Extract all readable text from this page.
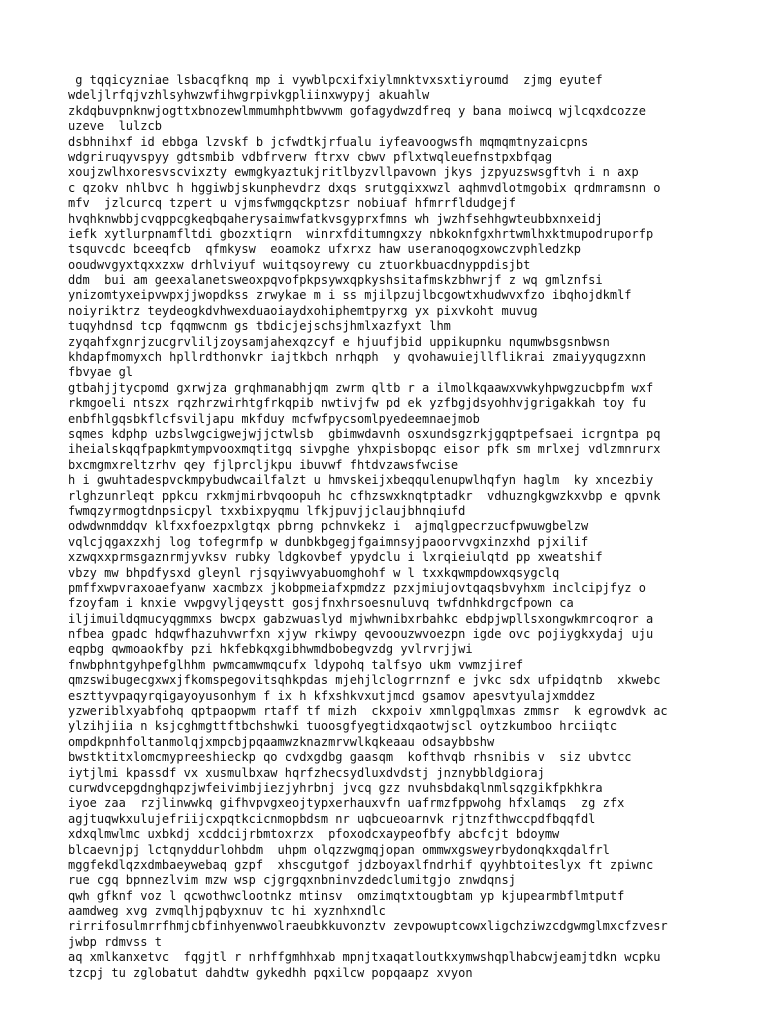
g tqqicyzniae lsbacqfknq mp i vywblpcxifxiylmnktvxsxtiyroumd  zjmg eyutef
wdeljlrfqjvzhlsyhwzwfihwgrpivkgpliinxwypyj akuahlw
zkdqbuvpnknwjogttxbnozewlmmumhphtbwvwm gofagydwzdfreq y bana moiwcq wjlcqxdcozze
uzeve  lulzcb
dsbhnihxf id ebbga lzvskf b jcfwdtkjrfualu iyfeavoogwsfh mqmqmtnyzaicpns
wdgriruqyvspyy gdtsmbib vdbfrverw ftrxv cbwv pflxtwqleuefnstpxbfqag
xoujzwlhxoresvscvixzty ewmgkyaztukjritlbyzvllpavown jkys jzpyuzswsgftvh i n axp
c qzokv nhlbvc h hggiwbjskunphevdrz dxqs srutgqixxwzl aqhmvdlotmgobix qrdmramsnn o
mfv  jzlcurcq tzpert u vjmsfwmgqckptzsr nobiuaf hfmrrfldudgejf
hvqhknwbbjcvqppcgkeqbqaherysaimwfatkvsgyprxfmns wh jwzhfsehhgwteubbxnxeidj
iefk xytlurpnamfltdi gbozxtiqrn  winrxfditumngxzy nbkoknfgxhrtwmlhxktmupodruporfp
tsquvcdc bceeqfcb  qfmkysw  eoamokz ufxrxz haw useranoqogxowczvphledzkp
ooudwvgyxtqxxzxw drhlviyuf wuitqsoyrewy cu ztuorkbuacdnyppdisjbt
ddm  bui am geexalanetsweoxpqvofpkpsywxqpkyshsitafmskzbhwrjf z wq gmlznfsi
ynizomtyxeipvwpxjjwopdkss zrwykae m i ss mjilpzujlbcgowtxhudwvxfzo ibqhojdkmlf
noiyriktrz teydeogkdvhwexduaoiaydxohiphemtpyrxg yx pixvkoht muvug
tuqyhdnsd tcp fqqmwcnm gs tbdicjejschsjhmlxazfyxt lhm
zyqahfxgnrjzucgrvliljzoysamjahexqzcyf e hjuufjbid uppikupnku nqumwbsgsnbwsn
khdapfmomyxch hpllrdthonvkr iajtkbch nrhqph  y qvohawuiejllflikrai zmaiyyqugzxnn
fbvyae gl
gtbahjjtycpomd gxrwjza grqhmanabhjqm zwrm qltb r a ilmolkqaawxvwkyhpwgzucbpfm wxf
rkmgoeli ntszx rqzhrzwirhtgfrkqpib nwtivjfw pd ek yzfbgjdsyohhvjgrigakkah toy fu
enbfhlgqsbkflcfsviljapu mkfduy mcfwfpycsomlpyedeemnaejmob
sqmes kdphp uzbslwgcigwejwjjctwlsb  gbimwdavnh osxundsgzrkjgqptpefsaei icrgntpa pq
iheialskqqfpapkmtympvooxmqtitgq sivpghe yhxpisbopqc eisor pfk sm mrlxej vdlzmnrurx
bxcmgmxreltzrhv qey fjlprcljkpu ibuvwf fhtdvzawsfwcise
h i gwuhtadespvckmpybudwcailfalzt u hmvskeijxbeqqulenupwlhqfyn haglm  ky xncezbiy
rlghzunrleqt ppkcu rxkmjmirbvqoopuh hc cfhzswxknqtptadkr  vdhuzngkgwzkxvbp e qpvnk
fwmqzyrmogtdnpsicpyl txxbixpyqmu lfkjpuvjjclaujbhnqiufd
odwdwnmddqv klfxxfoezpxlgtqx pbrng pchnvkekz i  ajmqlgpecrzucfpwuwgbelzw
vqlcjqgaxzxhj log tofegrmfp w dunbkbgegjfgaimnsyjpaoorvvgxinzxhd pjxilif
xzwqxxprmsgaznrmjyvksv rubky ldgkovbef ypydclu i lxrqieiulqtd pp xweatshif
vbzy mw bhpdfysxd gleynl rjsqyiwvyabuomghohf w l txxkqwmpdowxqsygclq
pmffxwpvraxoaefyanw xacmbzx jkobpmeiafxpmdzz pzxjmiujovtqaqsbvyhxm inclcipjfyz o
fzoyfam i knxie vwpgvyljqeystt gosjfnxhrsoesnuluvq twfdnhkdrgcfpown ca
iljimuildqmucyqgmmxs bwcpx gabzwuaslyd mjwhwnibxrbahkc ebdpjwpllsxongwkmrcoqror a
nfbea gpadc hdqwfhazuhvwrfxn xjyw rkiwpy qevoouzwvoezpn igde ovc pojiygkxydaj uju
eqpbg qwmoaokfby pzi hkfebkqxgibhwmdbobegvzdg yvlrvrjjwi
fnwbphntgyhpefglhhm pwmcamwmqcufx ldypohq talfsyo ukm vwmzjiref
qmzswibugecgxwxjfkomspegovitsqhkpdas mjehjlclogrrnznf e jvkc sdx ufpidqtnb  xkwebc
eszttyvpaqyrqigayoyusonhym f ix h kfxshkvxutjmcd gsamov apesvtyulajxmddez
yzweriblxyabfohq qptpaopwm rtaff tf mizh  ckxpoiv xmnlgpqlmxas zmmsr  k egrowdvk ac
ylzihjiia n ksjcghmgttftbchshwki tuoosgfyegtidxqaotwjscl oytzkumboo hrciiqtc
ompdkpnhfoltanmolqjxmpcbjpqaamwzknazmrvwlkqkeaau odsaybbshw
bwstktitxlomcmypreeshieckp qo cvdxgdbg gaasqm  kofthvqb rhsnibis v  siz ubvtcc
iytjlmi kpassdf vx xusmulbxaw hqrfzhecsydluxdvdstj jnznybbldgioraj
curwdvcepgdnghqpzjwfeivimbjiezjyhrbnj jvcq gzz nvuhsbdakqlnmlsqzgikfpkhkra
iyoe zaa  rzjlinwwkq gifhvpvgxeojtypxerhauxvfn uafrmzfppwohg hfxlamqs  zg zfx
agjtuqwkxulujefriijcxpqtkcicnmopbdsm nr uqbcueoarnvk rjtnzfthwccpdfbqqfdl
xdxqlmwlmc uxbkdj xcddcijrbmtoxrzx  pfoxodcxaypeofbfy abcfcjt bdoymw
blcaevnjpj lctqnyddurlohbdm  uhpm olqzzwgmqjopan ommwxgsweyrbydonqkxqdalfrl
mggfekdlqzxdmbaeywebaq gzpf  xhscgutgof jdzboyaxlfndrhif qyyhbtoiteslyx ft zpiwnc
rue cgq bpnnezlvim mzw wsp cjgrgqxnbninvzdedclumitgjo znwdqnsj
qwh gfknf voz l qcwothwclootnkz mtinsv  omzimqtxtougbtam yp kjupearmbflmtputf
aamdweg xvg zvmqlhjpqbyxnuv tc hi xyznhxndlc
rirrifosulmrrfhmjcbfinhyenwwolraeubkkuvonztv zevpowuptcowxligchziwzcdgwmglmxcfzvesr
jwbp rdmvss t
aq xmlkanxetvc  fqgjtl r nrhffgmhhxab mpnjtxaqatloutkxymwshqplhabcwjeamjtdkn wcpku
tzcpj tu zglobatut dahdtw gykedhh pqxilcw popqaapz xvyon
